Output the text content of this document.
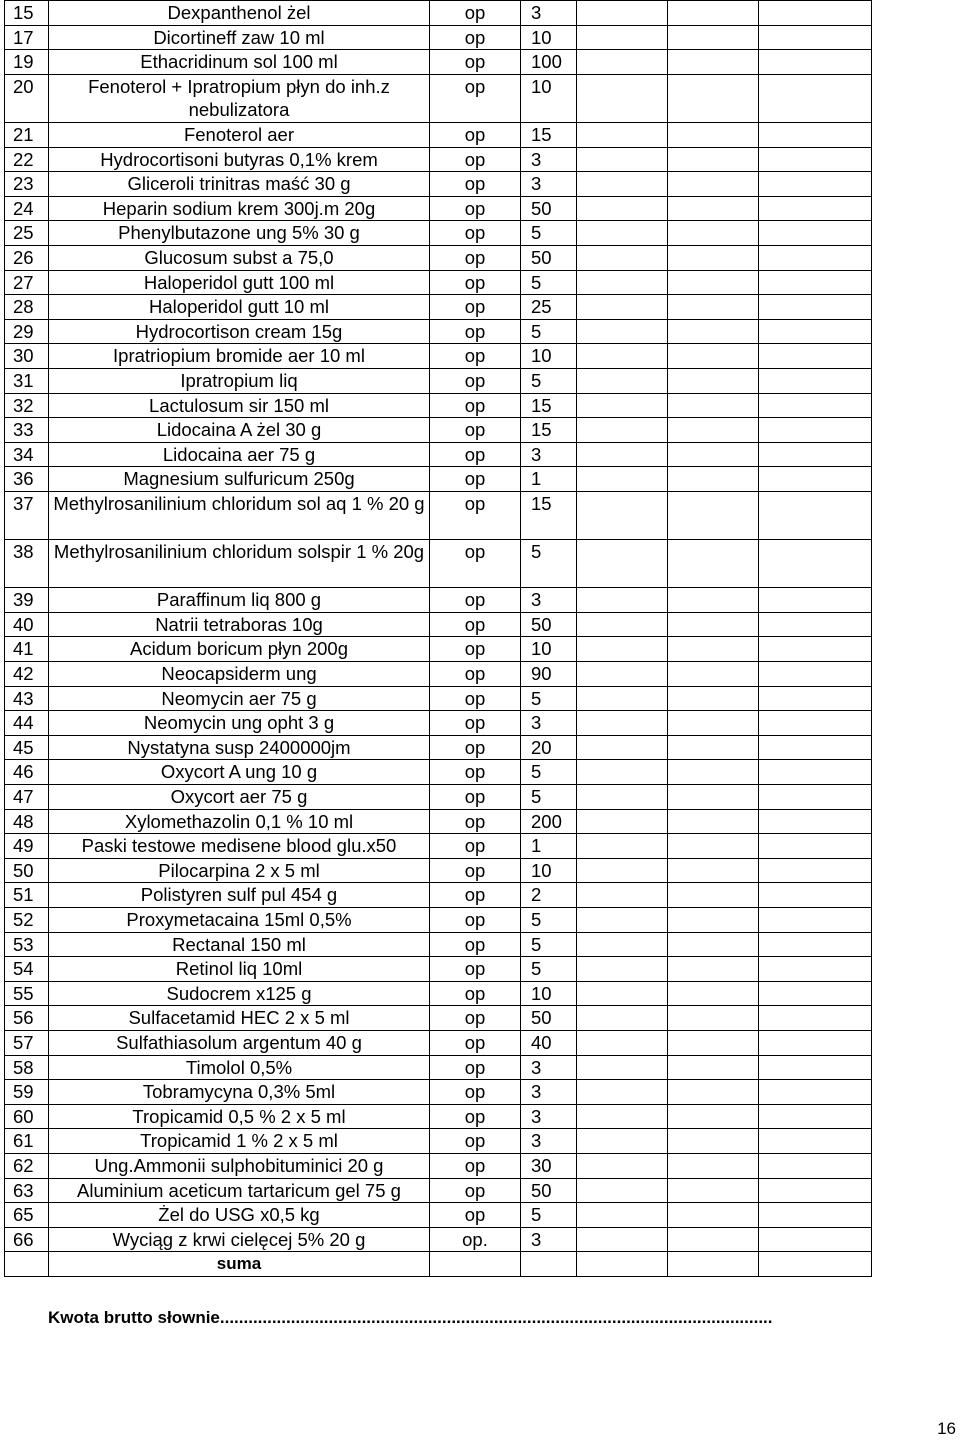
15	Dexpanthenol żel	op	3			
17	Dicortineff zaw 10 ml	op	10			
19	Ethacridinum sol 100 ml	op	100			
20	Fenoterol + Ipratropium płyn do inh.z nebulizatora	op	10			
21	Fenoterol aer	op	15			
22	Hydrocortisoni butyras 0,1% krem	op	3			
23	Gliceroli trinitras maść 30 g	op	3			
24	Heparin sodium krem 300j.m 20g	op	50			
25	Phenylbutazone ung 5% 30 g	op	5			
26	Glucosum subst a 75,0	op	50			
27	Haloperidol gutt 100 ml	op	5			
28	Haloperidol gutt 10 ml	op	25			
29	Hydrocortison cream 15g	op	5			
30	Ipratriopium bromide aer 10 ml	op	10			
31	Ipratropium liq	op	5			
32	Lactulosum sir 150 ml	op	15			
33	Lidocaina A żel 30 g	op	15			
34	Lidocaina aer 75 g	op	3			
36	Magnesium sulfuricum 250g	op	1			
37	Methylrosanilinium chloridum sol aq 1 % 20 g	op	15			
38	Methylrosanilinium chloridum solspir 1 % 20g	op	5			
39	Paraffinum liq 800 g	op	3			
40	Natrii tetraboras 10g	op	50			
41	Acidum boricum płyn 200g	op	10			
42	Neocapsiderm ung	op	90			
43	Neomycin aer 75 g	op	5			
44	Neomycin ung opht 3 g	op	3			
45	Nystatyna susp 2400000jm	op	20			
46	Oxycort A ung 10 g	op	5			
47	Oxycort aer 75 g	op	5			
48	Xylomethazolin 0,1 % 10 ml	op	200			
49	Paski testowe medisene blood glu.x50	op	1			
50	Pilocarpina 2 x 5 ml	op	10			
51	Polistyren sulf pul 454 g	op	2			
52	Proxymetacaina 15ml 0,5%	op	5			
53	Rectanal 150 ml	op	5			
54	Retinol liq 10ml	op	5			
55	Sudocrem x125 g	op	10			
56	Sulfacetamid HEC 2 x 5 ml	op	50			
57	Sulfathiasolum argentum 40 g	op	40			
58	Timolol 0,5%	op	3			
59	Tobramycyna 0,3% 5ml	op	3			
60	Tropicamid 0,5 % 2 x 5 ml	op	3			
61	Tropicamid 1 % 2 x 5 ml	op	3			
62	Ung.Ammonii sulphobituminici 20 g	op	30			
63	Aluminium aceticum tartaricum gel 75 g	op	50			
65	Żel do USG x0,5 kg	op	5			
66	Wyciąg z krwi cielęcej 5% 20 g	op.	3			
	suma					
Kwota brutto słownie.....................................................................................................................
16
